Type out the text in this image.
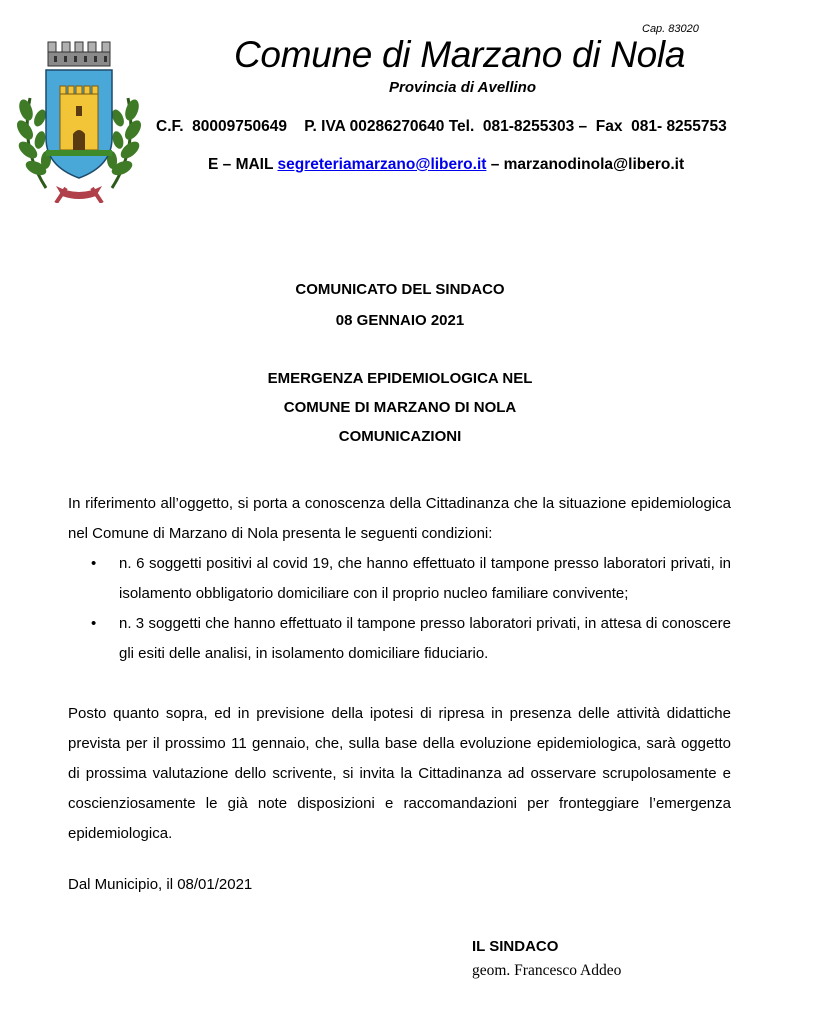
Cap. 83020
Comune di Marzano di Nola
Provincia di Avellino
C.F.  80009750649    P. IVA 00286270640 Tel.  081-8255303 –  Fax  081- 8255753
E – MAIL segreteriamarzano@libero.it – marzanodinola@libero.it
COMUNICATO DEL SINDACO
08 GENNAIO 2021
EMERGENZA EPIDEMIOLOGICA NEL
COMUNE DI MARZANO DI NOLA
COMUNICAZIONI
In riferimento all’oggetto, si porta a conoscenza della Cittadinanza che la situazione epidemiologica nel Comune di Marzano di Nola presenta le seguenti condizioni:
• n. 6 soggetti positivi al covid 19, che hanno effettuato il tampone presso laboratori privati, in isolamento obbligatorio domiciliare con il proprio nucleo familiare convivente;
• n. 3 soggetti che hanno effettuato il tampone presso laboratori privati, in attesa di conoscere gli esiti delle analisi, in isolamento domiciliare fiduciario.
Posto quanto sopra, ed in previsione della ipotesi di ripresa in presenza delle attività didattiche prevista per il prossimo 11 gennaio, che, sulla base della evoluzione epidemiologica, sarà oggetto di prossima valutazione dello scrivente, si invita la Cittadinanza ad osservare scrupolosamente e coscienziosamente le già note disposizioni e raccomandazioni per fronteggiare l’emergenza epidemiologica.
Dal Municipio, il 08/01/2021
IL SINDACO
geom. Francesco Addeo
